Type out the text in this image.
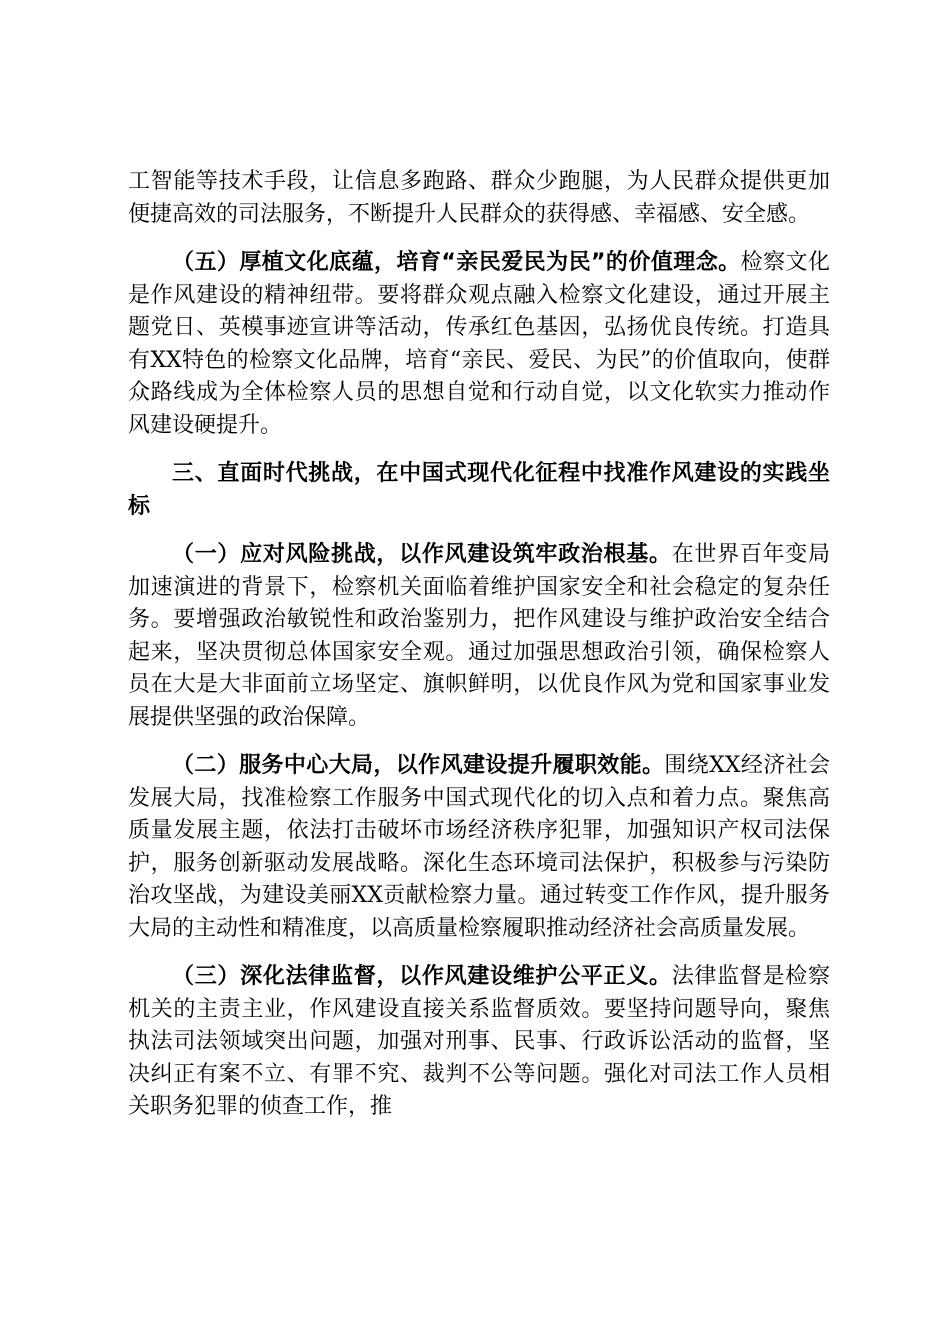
工智能等技术手段，让信息多跑路、群众少跑腿，为人民群众提供更加便捷高效的司法服务，不断提升人民群众的获得感、幸福感、安全感。

（五）厚植文化底蕴，培育“亲民爱民为民”的价值理念。检察文化是作风建设的精神纽带。要将群众观点融入检察文化建设，通过开展主题党日、英模事迹宣讲等活动，传承红色基因，弘扬优良传统。打造具有XX特色的检察文化品牌，培育“亲民、爱民、为民”的价值取向，使群众路线成为全体检察人员的思想自觉和行动自觉，以文化软实力推动作风建设硬提升。

三、直面时代挑战，在中国式现代化征程中找准作风建设的实践坐标

（一）应对风险挑战，以作风建设筑牢政治根基。在世界百年变局加速演进的背景下，检察机关面临着维护国家安全和社会稳定的复杂任务。要增强政治敏锐性和政治鉴别力，把作风建设与维护政治安全结合起来，坚决贯彻总体国家安全观。通过加强思想政治引领，确保检察人员在大是大非面前立场坚定、旗帜鲜明，以优良作风为党和国家事业发展提供坚强的政治保障。

（二）服务中心大局，以作风建设提升履职效能。围绕XX经济社会发展大局，找准检察工作服务中国式现代化的切入点和着力点。聚焦高质量发展主题，依法打击破坏市场经济秩序犯罪，加强知识产权司法保护，服务创新驱动发展战略。深化生态环境司法保护，积极参与污染防治攻坚战，为建设美丽XX贡献检察力量。通过转变工作作风，提升服务大局的主动性和精准度，以高质量检察履职推动经济社会高质量发展。

（三）深化法律监督，以作风建设维护公平正义。法律监督是检察机关的主责主业，作风建设直接关系监督质效。要坚持问题导向，聚焦执法司法领域突出问题，加强对刑事、民事、行政诉讼活动的监督，坚决纠正有案不立、有罪不究、裁判不公等问题。强化对司法工作人员相关职务犯罪的侦查工作，推
